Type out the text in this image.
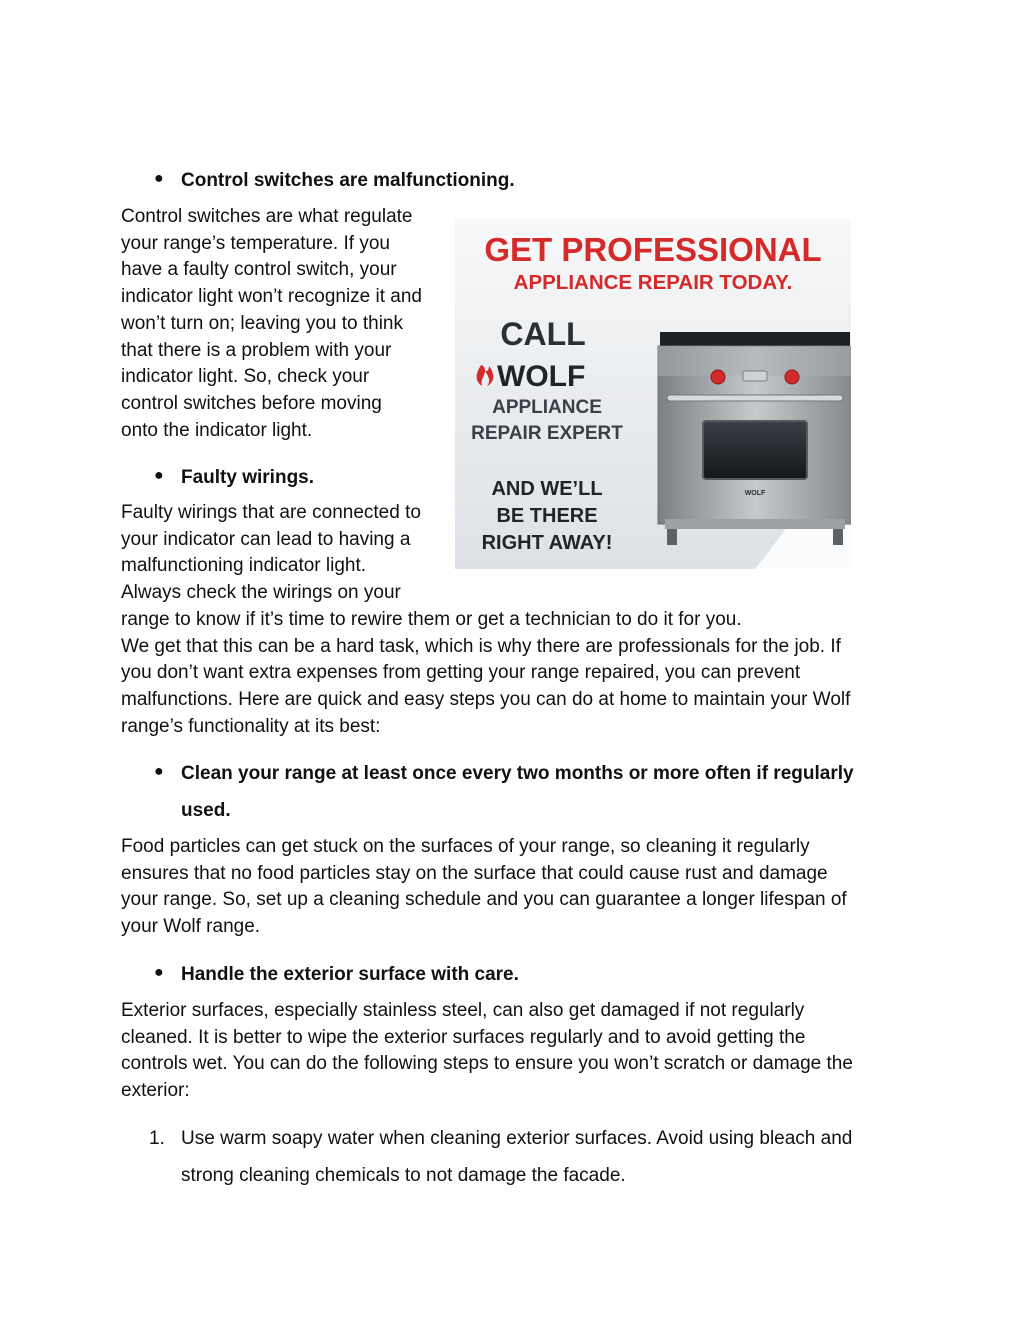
● Control switches are malfunctioning.
Control switches are what regulate
your range’s temperature. If you
have a faulty control switch, your
indicator light won’t recognize it and
won’t turn on; leaving you to think
that there is a problem with your
indicator light. So, check your
control switches before moving
onto the indicator light.
● Faulty wirings.
Faulty wirings that are connected to
your indicator can lead to having a
malfunctioning indicator light.
Always check the wirings on your
range to know if it’s time to rewire them or get a technician to do it for you.
We get that this can be a hard task, which is why there are professionals for the job. If
you don’t want extra expenses from getting your range repaired, you can prevent
malfunctions. Here are quick and easy steps you can do at home to maintain your Wolf
range’s functionality at its best:
● Clean your range at least once every two months or more often if regularly
used.
Food particles can get stuck on the surfaces of your range, so cleaning it regularly
ensures that no food particles stay on the surface that could cause rust and damage
your range. So, set up a cleaning schedule and you can guarantee a longer lifespan of
your Wolf range.
● Handle the exterior surface with care.
Exterior surfaces, especially stainless steel, can also get damaged if not regularly
cleaned. It is better to wipe the exterior surfaces regularly and to avoid getting the
controls wet. You can do the following steps to ensure you won’t scratch or damage the
exterior:
1. Use warm soapy water when cleaning exterior surfaces. Avoid using bleach and
strong cleaning chemicals to not damage the facade.
GET PROFESSIONAL
APPLIANCE REPAIR TODAY.
CALL
WOLF
APPLIANCE
REPAIR EXPERT
AND WE’LL
BE THERE
RIGHT AWAY!
WOLF
